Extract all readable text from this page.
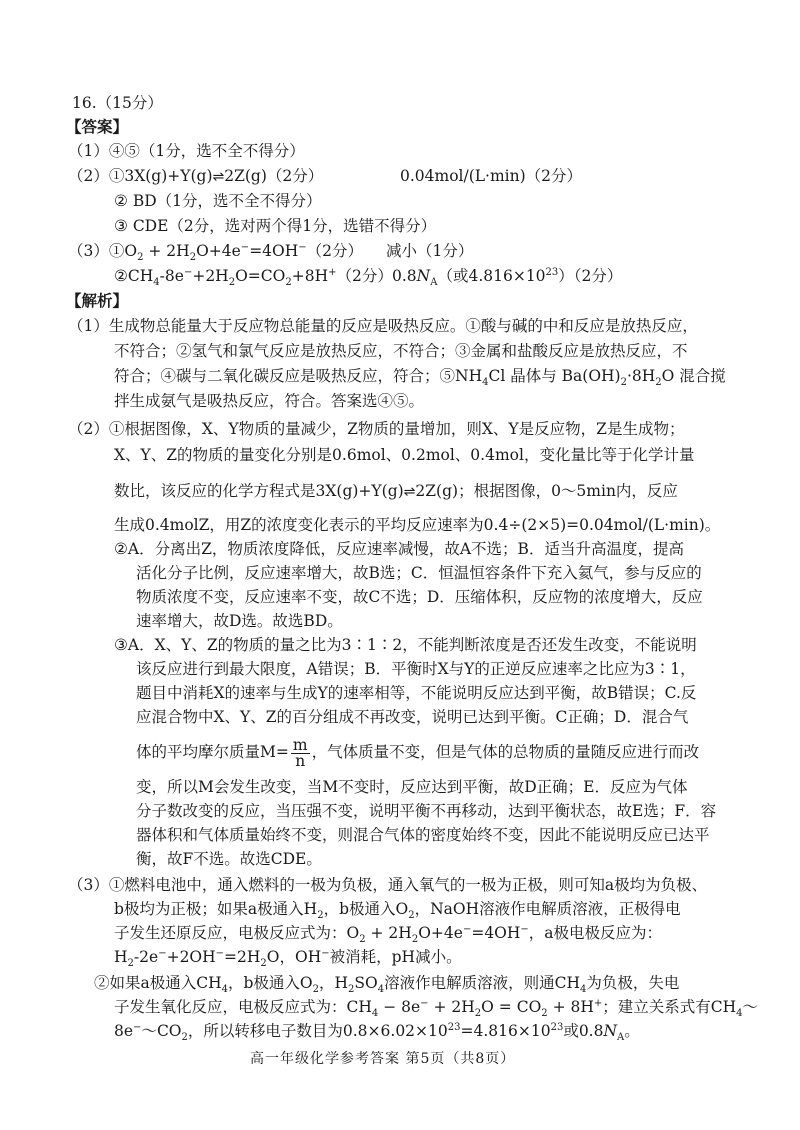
16.（15分）
【答案】
（1）④⑤（1分，选不全不得分）
（2）①3X(g)+Y(g)⇌2Z(g)（2分）	0.04mol/(L·min)（2分）
② BD（1分，选不全不得分）
③ CDE（2分，选对两个得1分，选错不得分）
$(3)①O_2 + 2H_2O+4e^-=4OH^-(2$分） 减小（1分）
$②CH_4-8e^-+2H_2O=CO_2+8H^+(2$分） $0.8N_A$（或$4.816\times 10^{23})(2$分）
【解析】
（1）生成物总能量大于反应物总能量的反应是吸热反应。①酸与碱的中和反应是放热反应，
不符合；②氢气和氯气反应是放热反应，不符合；③金属和盐酸反应是放热反应，不
符合；④碳与二氧化碳反应是吸热反应，符合；$⑤NH_4Cl$ 晶体与 $Ba(OH)_2\cdot 8H_2O$ 混合搅
拌生成氨气是吸热反应，符合。答案选④⑤。
（2）①根据图像，X、Y物质的量减少，Z物质的量增加，则X、Y是反应物，Z是生成物；
X、Y、Z的物质的量变化分别是0.6mol、0.2mol、0.4mol，变化量比等于化学计量
数比，该反应的化学方程式是3X(g)+Y(g)⇌2Z(g)；根据图像，0～5min内，反应
生成0.4molZ，用Z的浓度变化表示的平均反应速率为0.4÷(2×5)=0.04mol/(L·min)。
②A．分离出Z，物质浓度降低，反应速率减慢，故A不选；B．适当升高温度，提高
活化分子比例，反应速率增大，故B选；C．恒温恒容条件下充入氦气，参与反应的
物质浓度不变，反应速率不变，故C不选；D．压缩体积，反应物的浓度增大，反应
速率增大，故D选。故选BD。
③A．X、Y、Z的物质的量之比为3∶1∶2，不能判断浓度是否还发生改变，不能说明
该反应进行到最大限度，A错误；B．平衡时X与Y的正逆反应速率之比应为3∶1，
题目中消耗X的速率与生成Y的速率相等，不能说明反应达到平衡，故B错误；C.反
应混合物中X、Y、Z的百分组成不再改变，说明已达到平衡。C正确；D．混合气
体的平均摩尔质量$M= \frac{m}{n}$ ，气体质量不变，但是气体的总物质的量随反应进行而改
变，所以M会发生改变，当M不变时，反应达到平衡，故D正确；E．反应为气体
分子数改变的反应，当压强不变，说明平衡不再移动，达到平衡状态，故E选；F．容
器体积和气体质量始终不变，则混合气体的密度始终不变，因此不能说明反应已达平
衡，故F不选。故选CDE。
（3）①燃料电池中，通入燃料的一极为负极，通入氧气的一极为正极，则可知a极均为负极、
b极均为正极；如果a极通入$H_2$，b极通入$O_2$，NaOH溶液作电解质溶液，正极得电
子发生还原反应，电极反应式为：$O_2 + 2H_2O+4e^-=4OH^-$，a极电极反应为：
$H_2-2e^-+2OH^-=2H_2O$，OH−被消耗，pH减小。
②如果a极通入$CH_4$，b极通入$O_2$，$H_2SO_4$溶液作电解质溶液，则通$CH_4$为负极，失电
子发生氧化反应，电极反应式为：$CH_4 - 8e^- + 2H_2O = CO_2 + 8H^+$；建立关系式有$CH_4\sim$
$8e^-\sim CO_2$，所以转移电子数目为$0.8\times 6.02\times 10^{23}=4.816\times 10^{23}$或$0.8N_A$。
高一年级化学参考答案 第5页（共8页）
